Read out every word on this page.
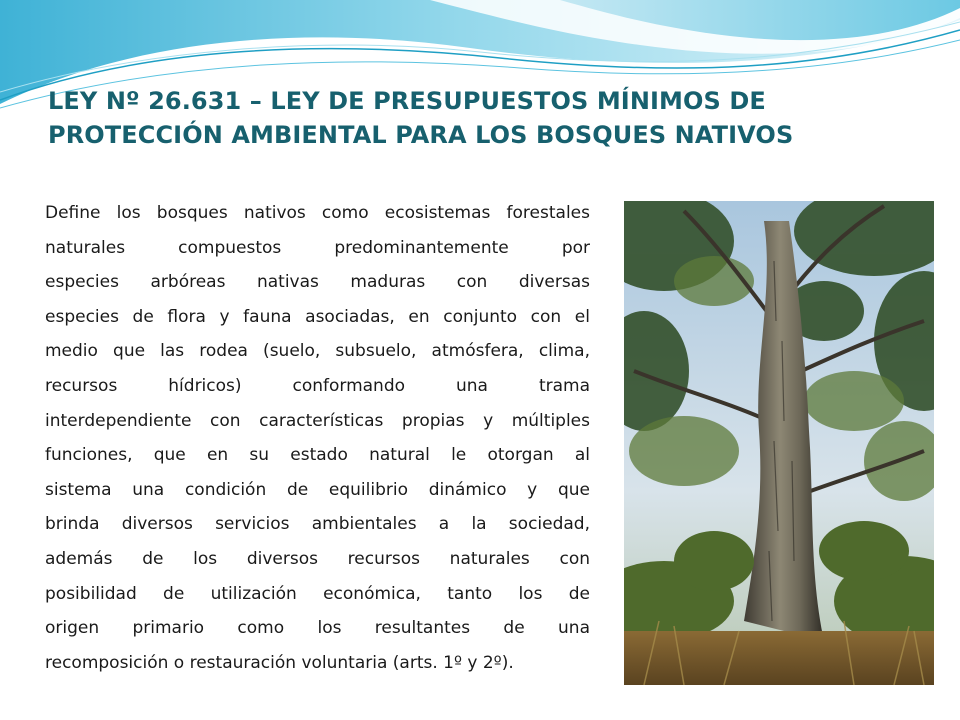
LEY Nº 26.631 – LEY DE PRESUPUESTOS MÍNIMOS DE
PROTECCIÓN AMBIENTAL PARA LOS BOSQUES NATIVOS

Define los bosques nativos como ecosistemas forestales
naturales compuestos predominantemente por
especies arbóreas nativas maduras con diversas
especies de flora y fauna asociadas, en conjunto con el
medio que las rodea (suelo, subsuelo, atmósfera, clima,
recursos hídricos) conformando una trama
interdependiente con características propias y múltiples
funciones, que en su estado natural le otorgan al
sistema una condición de equilibrio dinámico y que
brinda diversos servicios ambientales a la sociedad,
además de los diversos recursos naturales con
posibilidad de utilización económica, tanto los de
origen primario como los resultantes de una
recomposición o restauración voluntaria (arts. 1º y 2º).
